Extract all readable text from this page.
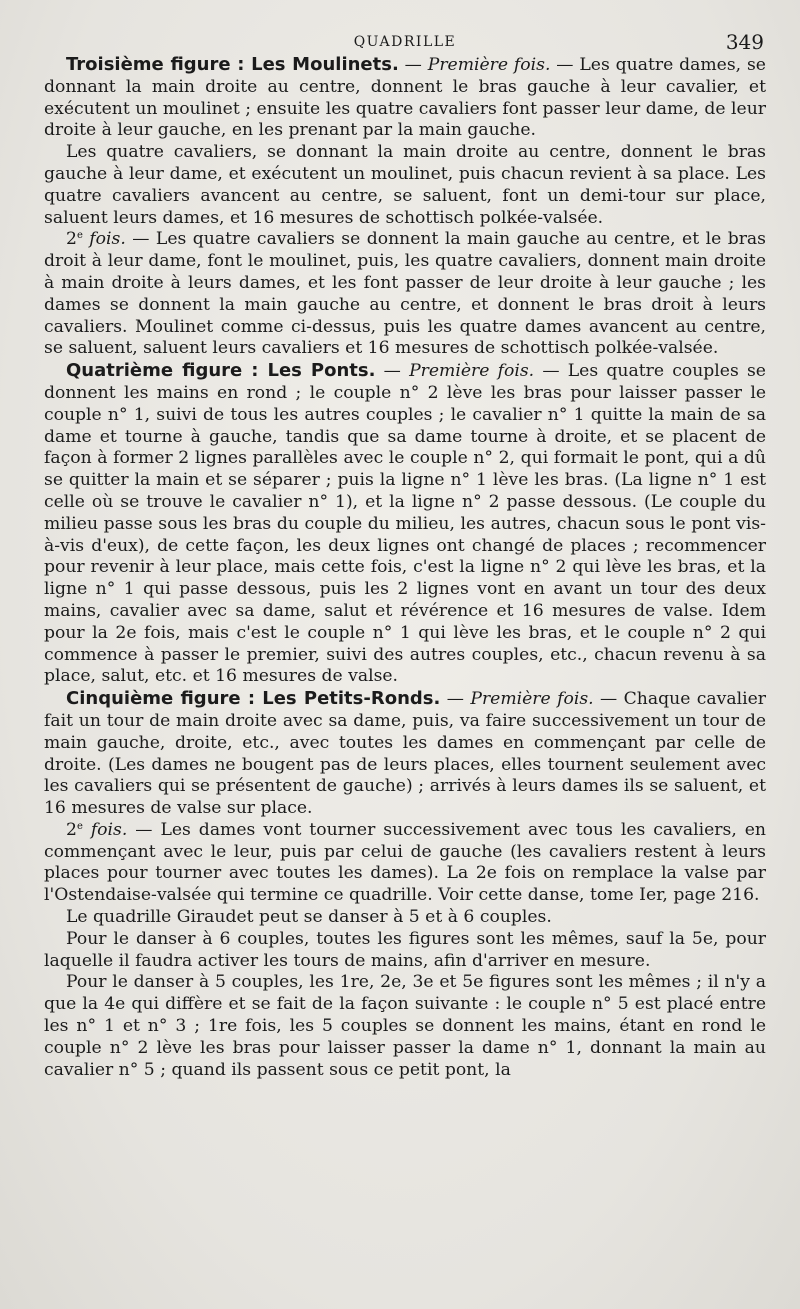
QUADRILLE	349

Troisième figure : Les Moulinets. — Première fois. — Les quatre dames, se donnant la main droite au centre, donnent le bras gauche à leur cavalier, et exécutent un moulinet ; ensuite les quatre cavaliers font passer leur dame, de leur droite à leur gauche, en les prenant par la main gauche.

Les quatre cavaliers, se donnant la main droite au centre, donnent le bras gauche à leur dame, et exécutent un moulinet, puis chacun revient à sa place. Les quatre cavaliers avancent au centre, se saluent, font un demi-tour sur place, saluent leurs dames, et 16 mesures de schottisch polkée-valsée.

2e fois. — Les quatre cavaliers se donnent la main gauche au centre, et le bras droit à leur dame, font le moulinet, puis, les quatre cavaliers, donnent main droite à main droite à leurs dames, et les font passer de leur droite à leur gauche ; les dames se donnent la main gauche au centre, et donnent le bras droit à leurs cavaliers. Moulinet comme ci-dessus, puis les quatre dames avancent au centre, se saluent, saluent leurs cavaliers et 16 mesures de schottisch polkée-valsée.

Quatrième figure : Les Ponts. — Première fois. — Les quatre couples se donnent les mains en rond ; le couple n° 2 lève les bras pour laisser passer le couple n° 1, suivi de tous les autres couples ; le cavalier n° 1 quitte la main de sa dame et tourne à gauche, tandis que sa dame tourne à droite, et se placent de façon à former 2 lignes parallèles avec le couple n° 2, qui formait le pont, qui a dû se quitter la main et se séparer ; puis la ligne n° 1 lève les bras. (La ligne n° 1 est celle où se trouve le cavalier n° 1), et la ligne n° 2 passe dessous. (Le couple du milieu passe sous les bras du couple du milieu, les autres, chacun sous le pont vis-à-vis d'eux), de cette façon, les deux lignes ont changé de places ; recommencer pour revenir à leur place, mais cette fois, c'est la ligne n° 2 qui lève les bras, et la ligne n° 1 qui passe dessous, puis les 2 lignes vont en avant un tour des deux mains, cavalier avec sa dame, salut et révérence et 16 mesures de valse. Idem pour la 2e fois, mais c'est le couple n° 1 qui lève les bras, et le couple n° 2 qui commence à passer le premier, suivi des autres couples, etc., chacun revenu à sa place, salut, etc. et 16 mesures de valse.

Cinquième figure : Les Petits-Ronds. — Première fois. — Chaque cavalier fait un tour de main droite avec sa dame, puis, va faire successivement un tour de main gauche, droite, etc., avec toutes les dames en commençant par celle de droite. (Les dames ne bougent pas de leurs places, elles tournent seulement avec les cavaliers qui se présentent de gauche) ; arrivés à leurs dames ils se saluent, et 16 mesures de valse sur place.

2e fois. — Les dames vont tourner successivement avec tous les cavaliers, en commençant avec le leur, puis par celui de gauche (les cavaliers restent à leurs places pour tourner avec toutes les dames). La 2e fois on remplace la valse par l'Ostendaise-valsée qui termine ce quadrille. Voir cette danse, tome Ier, page 216.

Le quadrille Giraudet peut se danser à 5 et à 6 couples.

Pour le danser à 6 couples, toutes les figures sont les mêmes, sauf la 5e, pour laquelle il faudra activer les tours de mains, afin d'arriver en mesure.

Pour le danser à 5 couples, les 1re, 2e, 3e et 5e figures sont les mêmes ; il n'y a que la 4e qui diffère et se fait de la façon suivante : le couple n° 5 est placé entre les n° 1 et n° 3 ; 1re fois, les 5 couples se donnent les mains, étant en rond le couple n° 2 lève les bras pour laisser passer la dame n° 1, donnant la main au cavalier n° 5 ; quand ils passent sous ce petit pont, la
